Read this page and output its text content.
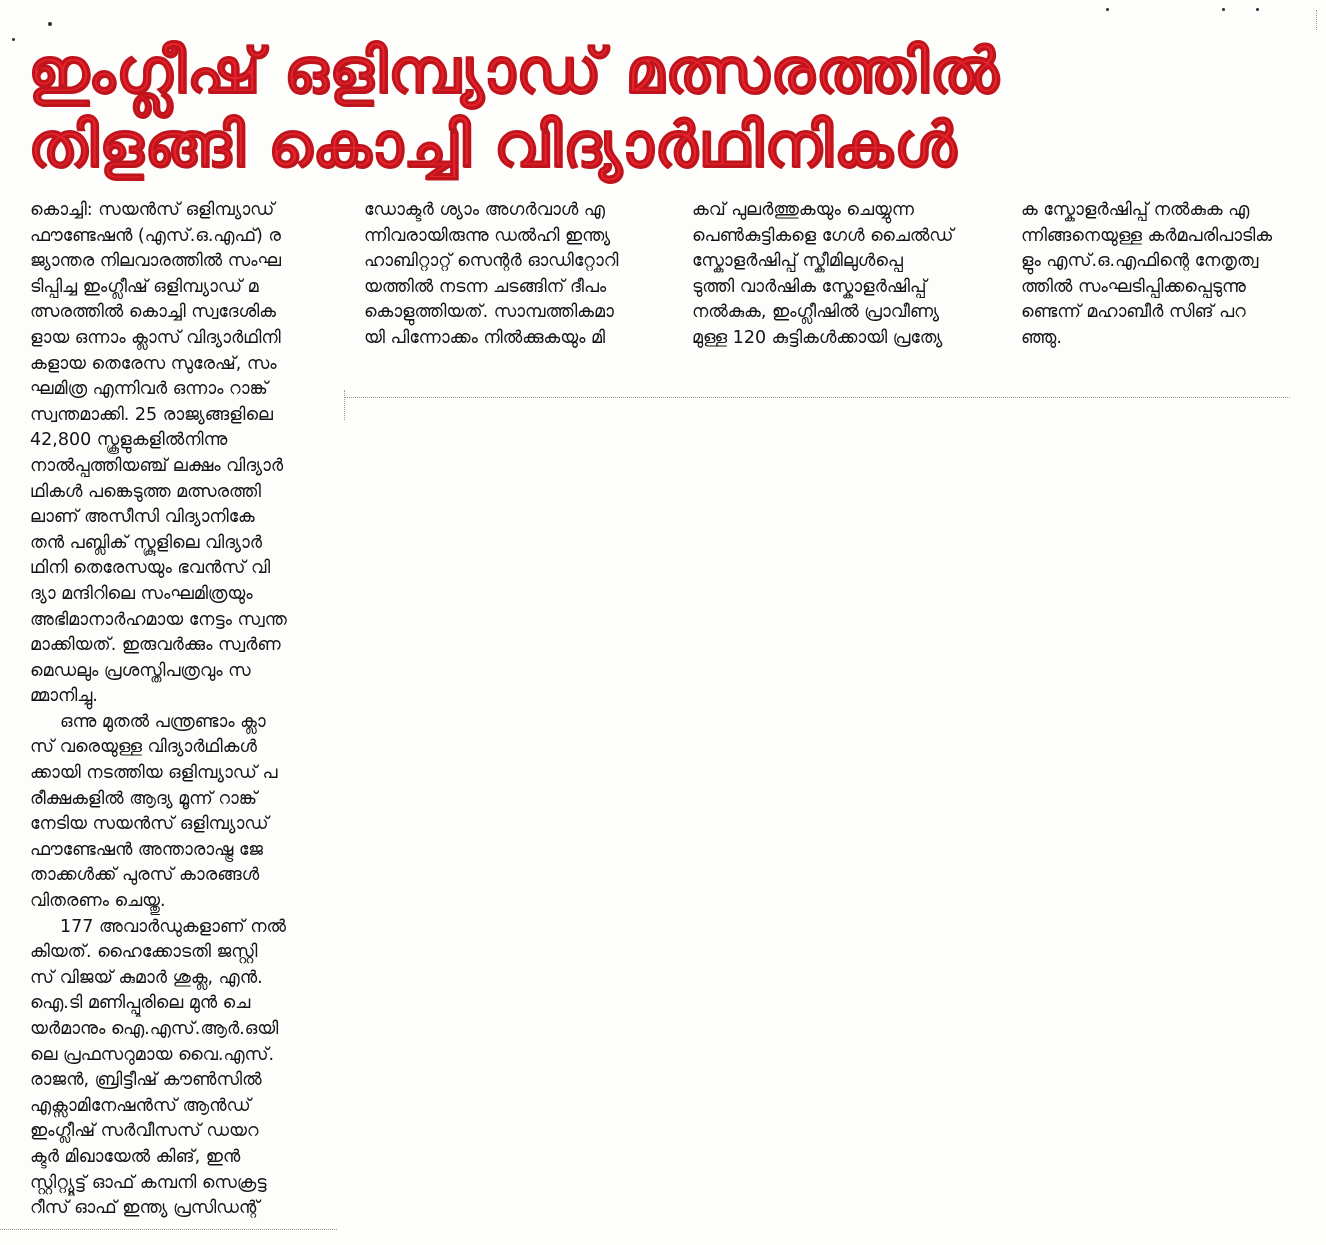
ഇംഗ്ലീഷ് ഒളിമ്പ്യാഡ് മത്സരത്തിൽ
തിളങ്ങി കൊച്ചി വിദ്യാർഥിനികൾ

കൊച്ചി: സയൻസ് ഒളിമ്പ്യാഡ്
ഫൗണ്ടേഷൻ (എസ്.ഒ.എഫ്) ര
ജ്യാന്തര നിലവാരത്തിൽ സംഘ
ടിപ്പിച്ച ഇംഗ്ലീഷ് ഒളിമ്പ്യാഡ് മ
ത്സരത്തിൽ കൊച്ചി സ്വദേശിക
ളായ ഒന്നാം ക്ലാസ് വിദ്യാർഥിനി
കളായ തെരേസ സുരേഷ്, സം
ഘമിത്ര എന്നിവർ ഒന്നാം റാങ്ക്
സ്വന്തമാക്കി. 25 രാജ്യങ്ങളിലെ
42,800 സ്കൂളുകളിൽനിന്നു
നാൽപ്പത്തിയഞ്ച് ലക്ഷം വിദ്യാർ
ഥികൾ പങ്കെടുത്ത മത്സരത്തി
ലാണ് അസീസി വിദ്യാനികേ
തൻ പബ്ലിക് സ്കൂളിലെ വിദ്യാർ
ഥിനി തെരേസയും ഭവൻസ് വി
ദ്യാ മന്ദിറിലെ സംഘമിത്രയും
അഭിമാനാർഹമായ നേട്ടം സ്വന്ത
മാക്കിയത്. ഇരുവർക്കും സ്വർണ
മെഡലും പ്രശസ്തിപത്രവും സ
മ്മാനിച്ചു.

ഒന്നു മുതൽ പന്ത്രണ്ടാം ക്ലാ
സ് വരെയുള്ള വിദ്യാർഥികൾ
ക്കായി നടത്തിയ ഒളിമ്പ്യാഡ് പ
രീക്ഷകളിൽ ആദ്യ മൂന്ന് റാങ്ക്
നേടിയ സയൻസ് ഒളിമ്പ്യാഡ്
ഫൗണ്ടേഷൻ അന്താരാഷ്ട്ര ജേ
താക്കൾക്ക് പുരസ് കാരങ്ങൾ
വിതരണം ചെയ്തു.

177 അവാർഡുകളാണ് നൽ
കിയത്. ഹൈക്കോടതി ജസ്റ്റി
സ് വിജയ് കുമാർ ശുക്ല, എൻ.
ഐ.ടി മണിപ്പൂരിലെ മുൻ ചെ
യർമാനും ഐ.എസ്.ആർ.ഒയി
ലെ പ്രഫസറുമായ വൈ.എസ്.
രാജൻ, ബ്രിട്ടീഷ് കൗൺസിൽ
എക്സാമിനേഷൻസ് ആൻഡ്
ഇംഗ്ലീഷ് സർവീസസ് ഡയറ
ക്ടർ മിഖായേൽ കിങ്, ഇൻ
സ്റ്റിറ്റ്യൂട്ട് ഓഫ് കമ്പനി സെക്രട്ട
റീസ് ഓഫ് ഇന്ത്യ പ്രസിഡന്റ്

ഡോക്ടർ ശ്യാം അഗർവാൾ എ
ന്നിവരായിരുന്നു ഡൽഹി ഇന്ത്യ
ഹാബിറ്റാറ്റ് സെന്റർ ഓഡിറ്റോറി
യത്തിൽ നടന്ന ചടങ്ങിന് ദീപം
കൊളുത്തിയത്. സാമ്പത്തികമാ
യി പിന്നോക്കം നിൽക്കുകയും മി

കവ് പുലർത്തുകയും ചെയ്യുന്ന
പെൺകുട്ടികളെ ഗേൾ ചൈൽഡ്
സ്കോളർഷിപ്പ് സ്കീമിലുൾപ്പെ
ടുത്തി വാർഷിക സ്കോളർഷിപ്പ്
നൽകുക, ഇംഗ്ലീഷിൽ പ്രാവീണ്യ
മുള്ള 120 കുട്ടികൾക്കായി പ്രത്യേ

ക സ്കോളർഷിപ്പ് നൽകുക എ
ന്നിങ്ങനെയുള്ള കർമപരിപാടിക
ളും എസ്.ഒ.എഫിന്റെ നേതൃത്വ
ത്തിൽ സംഘടിപ്പിക്കപ്പെടുന്നു
ണ്ടെന്ന് മഹാബീർ സിങ് പറ
ഞ്ഞു.
